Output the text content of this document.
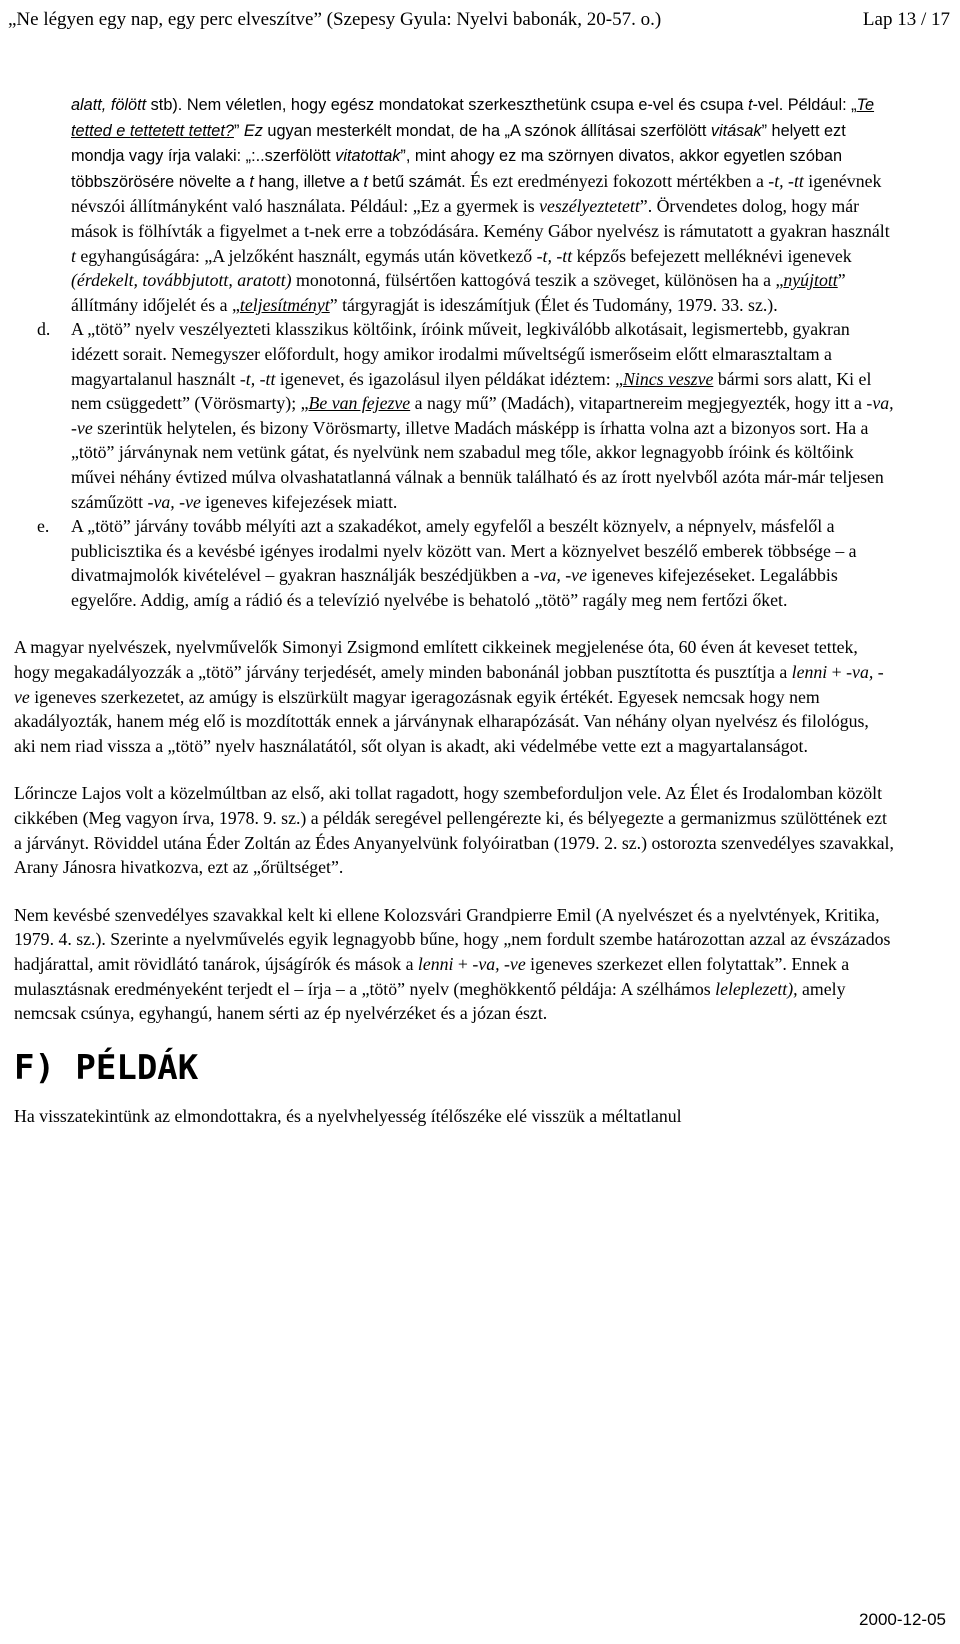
„Ne légyen egy nap, egy perc elveszítve” (Szepesy Gyula: Nyelvi babonák, 20-57. o.)	Lap 13 / 17

alatt, fölött stb). Nem véletlen, hogy egész mondatokat szerkeszthetünk csupa e-vel és csupa t-vel. Például: „Te tetted e tettetett tettet?” Ez ugyan mesterkélt mondat, de ha „A szónok állításai szerfölött vitásak” helyett ezt mondja vagy írja valaki: „:..szerfölött vitatottak”, mint ahogy ez ma szörnyen divatos, akkor egyetlen szóban többszörösére növelte a t hang, illetve a t betű számát. És ezt eredményezi fokozott mértékben a -t, -tt igenévnek névszói állítmányként való használata. Például: „Ez a gyermek is veszélyeztetett”. Örvendetes dolog, hogy már mások is fölhívták a figyelmet a t-nek erre a tobzódására. Kemény Gábor nyelvész is rámutatott a gyakran használt t egyhangúságára: „A jelzőként használt, egymás után következő -t, -tt képzős befejezett melléknévi igenevek (érdekelt, továbbjutott, aratott) monotonná, fülsértően kattogóvá teszik a szöveget, különösen ha a „nyújtott” állítmány időjelét és a „teljesítményt” tárgyragját is ideszámítjuk (Élet és Tudomány, 1979. 33. sz.).

d. A „tötö” nyelv veszélyezteti klasszikus költőink, íróink műveit, legkiválóbb alkotásait, legismertebb, gyakran idézett sorait. Nemegyszer előfordult, hogy amikor irodalmi műveltségű ismerőseim előtt elmarasztaltam a magyartalanul használt -t, -tt igenevet, és igazolásul ilyen példákat idéztem: „Nincs veszve bármi sors alatt, Ki el nem csüggedett” (Vörösmarty); „Be van fejezve a nagy mű” (Madách), vitapartnereim megjegyezték, hogy itt a -va, -ve szerintük helytelen, és bizony Vörösmarty, illetve Madách másképp is írhatta volna azt a bizonyos sort. Ha a „tötö” járványnak nem vetünk gátat, és nyelvünk nem szabadul meg tőle, akkor legnagyobb íróink és költőink művei néhány évtized múlva olvashatatlanná válnak a bennük található és az írott nyelvből azóta már-már teljesen száműzött -va, -ve igeneves kifejezések miatt.
e. A „tötö” járvány tovább mélyíti azt a szakadékot, amely egyfelől a beszélt köznyelv, a népnyelv, másfelől a publicisztika és a kevésbé igényes irodalmi nyelv között van. Mert a köznyelvet beszélő emberek többsége – a divatmajmolók kivételével – gyakran használják beszédjükben a -va, -ve igeneves kifejezéseket. Legalábbis egyelőre. Addig, amíg a rádió és a televízió nyelvébe is behatoló „tötö” ragály meg nem fertőzi őket.

A magyar nyelvészek, nyelvművelők Simonyi Zsigmond említett cikkeinek megjelenése óta, 60 éven át keveset tettek, hogy megakadályozzák a „tötö” járvány terjedését, amely minden babonánál jobban pusztította és pusztítja a lenni + -va, -ve igeneves szerkezetet, az amúgy is elszürkült magyar igeragozásnak egyik értékét. Egyesek nemcsak hogy nem akadályozták, hanem még elő is mozdították ennek a járványnak elharapózását. Van néhány olyan nyelvész és filológus, aki nem riad vissza a „tötö” nyelv használatától, sőt olyan is akadt, aki védelmébe vette ezt a magyartalanságot.

Lőrincze Lajos volt a közelmúltban az első, aki tollat ragadott, hogy szembeforduljon vele. Az Élet és Irodalomban közölt cikkében (Meg vagyon írva, 1978. 9. sz.) a példák seregével pellengérezte ki, és bélyegezte a germanizmus szülöttének ezt a járványt. Röviddel utána Éder Zoltán az Édes Anyanyelvünk folyóiratban (1979. 2. sz.) ostorozta szenvedélyes szavakkal, Arany Jánosra hivatkozva, ezt az „őrültséget”.

Nem kevésbé szenvedélyes szavakkal kelt ki ellene Kolozsvári Grandpierre Emil (A nyelvészet és a nyelvtények, Kritika, 1979. 4. sz.). Szerinte a nyelvművelés egyik legnagyobb bűne, hogy „nem fordult szembe határozottan azzal az évszázados hadjárattal, amit rövidlátó tanárok, újságírók és mások a lenni + -va, -ve igeneves szerkezet ellen folytattak”. Ennek a mulasztásnak eredményeként terjedt el – írja – a „tötö” nyelv (meghökkentő példája: A szélhámos leleplezett), amely nemcsak csúnya, egyhangú, hanem sérti az ép nyelvérzéket és a józan észt.

F) PÉLDÁK

Ha visszatekintünk az elmondottakra, és a nyelvhelyesség ítélőszéke elé visszük a méltatlanul

2000-12-05
